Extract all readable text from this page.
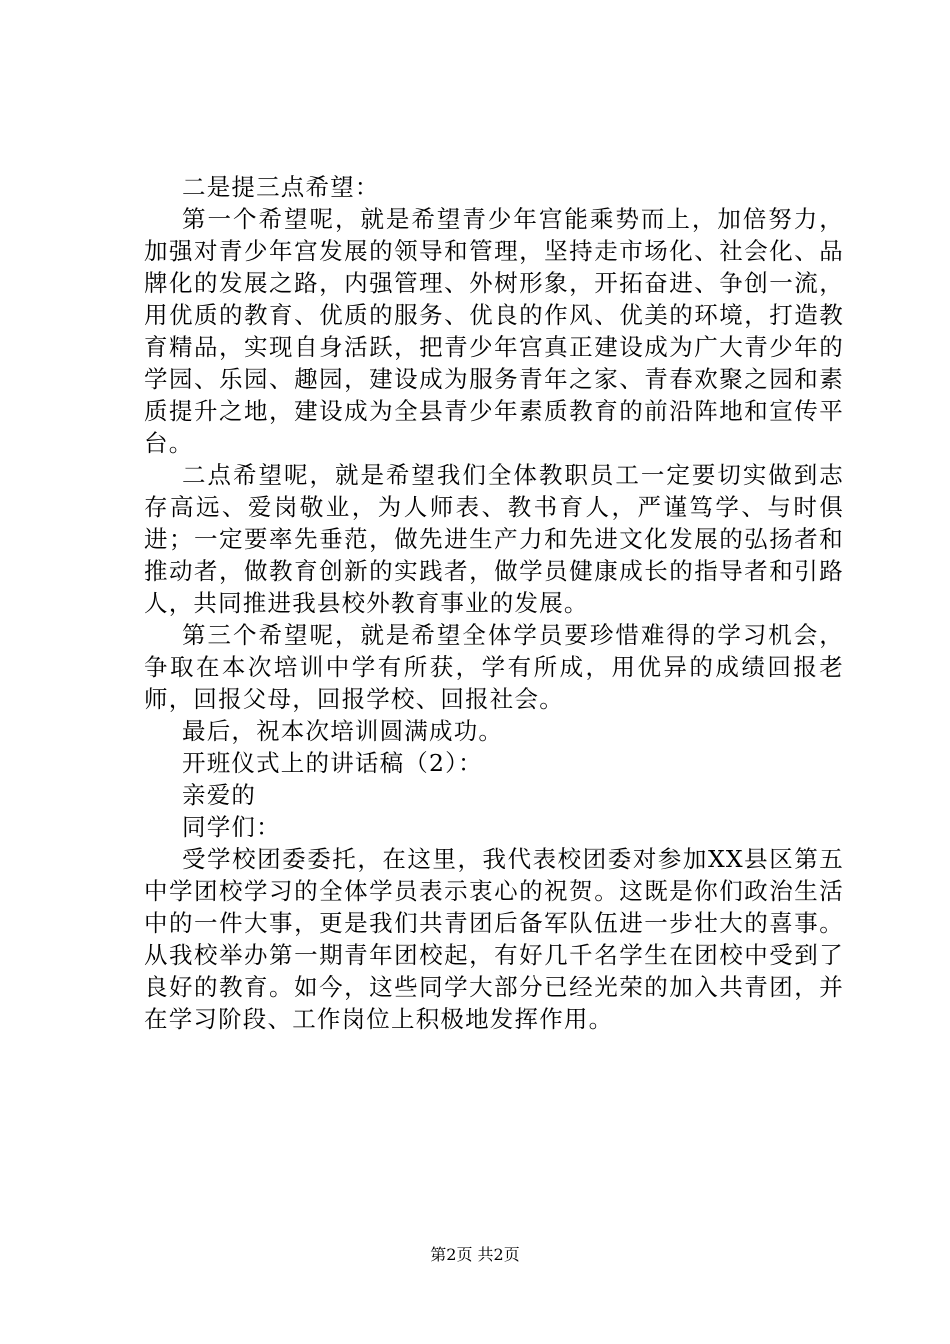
二是提三点希望：

第一个希望呢，就是希望青少年宫能乘势而上，加倍努力，加强对青少年宫发展的领导和管理，坚持走市场化、社会化、品牌化的发展之路，内强管理、外树形象，开拓奋进、争创一流，用优质的教育、优质的服务、优良的作风、优美的环境，打造教育精品，实现自身活跃，把青少年宫真正建设成为广大青少年的学园、乐园、趣园，建设成为服务青年之家、青春欢聚之园和素质提升之地，建设成为全县青少年素质教育的前沿阵地和宣传平台。

二点希望呢，就是希望我们全体教职员工一定要切实做到志存高远、爱岗敬业，为人师表、教书育人，严谨笃学、与时俱进；一定要率先垂范，做先进生产力和先进文化发展的弘扬者和推动者，做教育创新的实践者，做学员健康成长的指导者和引路人，共同推进我县校外教育事业的发展。

第三个希望呢，就是希望全体学员要珍惜难得的学习机会，争取在本次培训中学有所获，学有所成，用优异的成绩回报老师，回报父母，回报学校、回报社会。

最后，祝本次培训圆满成功。

开班仪式上的讲话稿（2）：

亲爱的

同学们：

受学校团委委托，在这里，我代表校团委对参加XX县区第五中学团校学习的全体学员表示衷心的祝贺。这既是你们政治生活中的一件大事，更是我们共青团后备军队伍进一步壮大的喜事。从我校举办第一期青年团校起，有好几千名学生在团校中受到了良好的教育。如今，这些同学大部分已经光荣的加入共青团，并在学习阶段、工作岗位上积极地发挥作用。

第2页 共2页
